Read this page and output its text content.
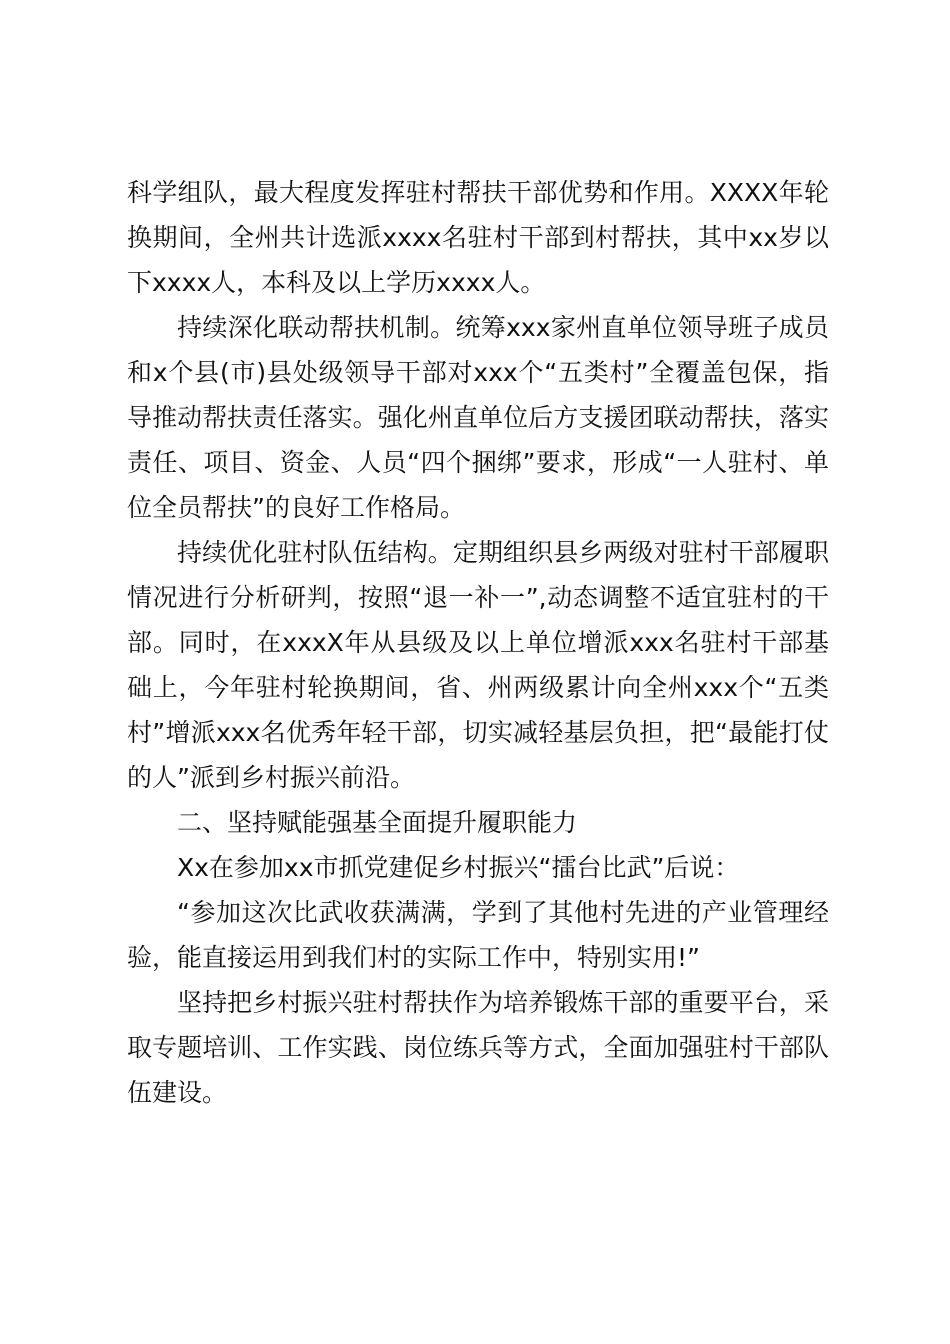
科学组队，最大程度发挥驻村帮扶干部优势和作用。XXXX年轮换期间，全州共计选派xxxx名驻村干部到村帮扶，其中xx岁以下xxxx人，本科及以上学历xxxx人。

持续深化联动帮扶机制。统筹xxx家州直单位领导班子成员和x个县(市)县处级领导干部对xxx个“五类村”全覆盖包保，指导推动帮扶责任落实。强化州直单位后方支援团联动帮扶，落实责任、项目、资金、人员“四个捆绑”要求，形成“一人驻村、单位全员帮扶”的良好工作格局。

持续优化驻村队伍结构。定期组织县乡两级对驻村干部履职情况进行分析研判，按照“退一补一”,动态调整不适宜驻村的干部。同时，在xxxX年从县级及以上单位增派xxx名驻村干部基础上，今年驻村轮换期间，省、州两级累计向全州xxx个“五类村”增派xxx名优秀年轻干部，切实减轻基层负担，把“最能打仗的人”派到乡村振兴前沿。

二、坚持赋能强基全面提升履职能力

Xx在参加xx市抓党建促乡村振兴“擂台比武”后说：

“参加这次比武收获满满，学到了其他村先进的产业管理经验，能直接运用到我们村的实际工作中，特别实用!”

坚持把乡村振兴驻村帮扶作为培养锻炼干部的重要平台，采取专题培训、工作实践、岗位练兵等方式，全面加强驻村干部队伍建设。
